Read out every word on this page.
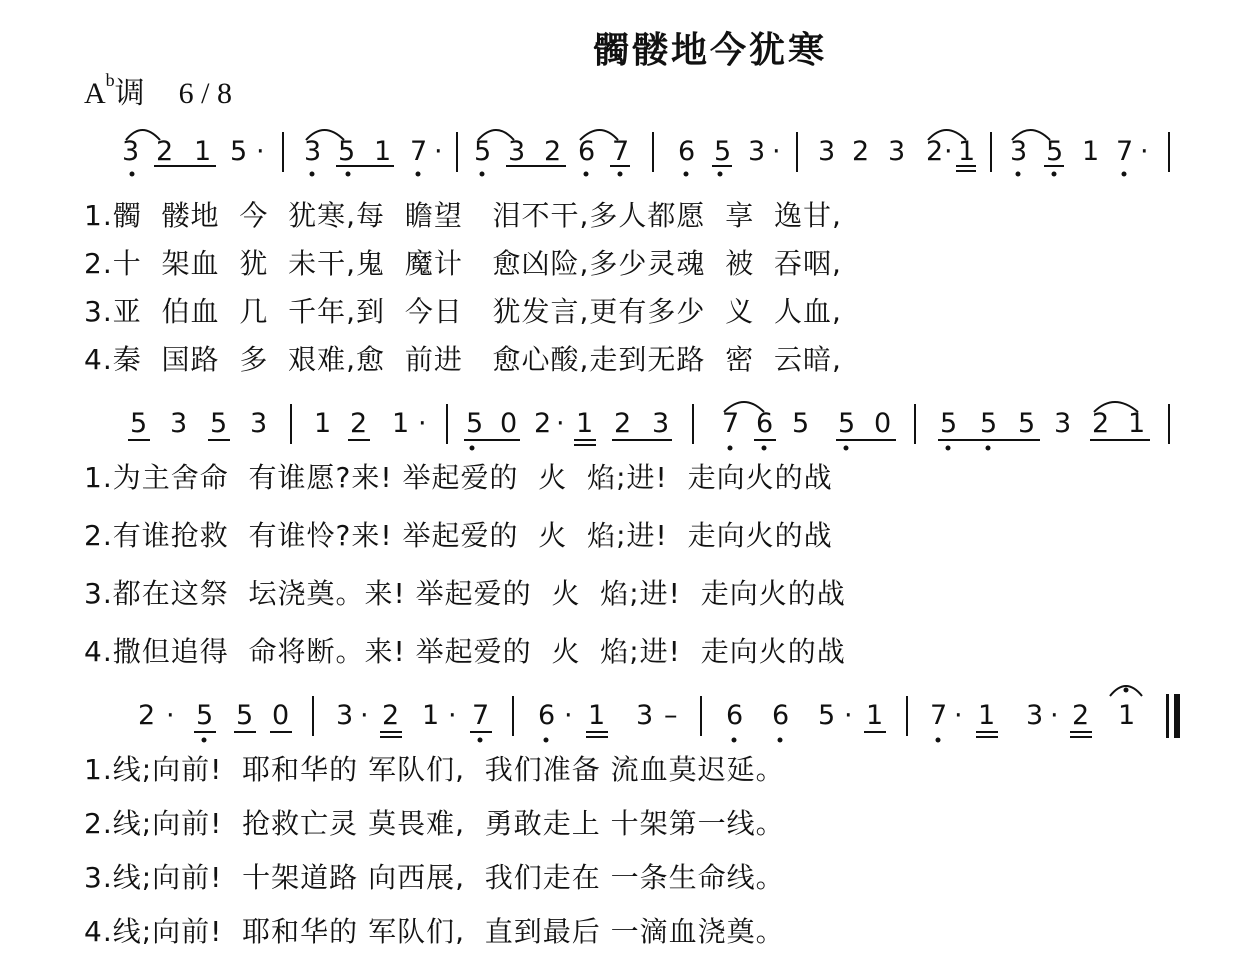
髑髅地今犹寒
$A^b$调 6 / 8
3 2 1 5 · 3 5 1 7 · 5 3 2 6 7 6 5 3 · 3 2 3 2 · 1 3 5 1 7 ·
1.髑  髅地  今  犹寒,每  瞻望   泪不干,多人都愿  享  逸甘,
2.十  架血  犹  未干,鬼  魔计   愈凶险,多少灵魂  被  吞咽,
3.亚  伯血  几  千年,到  今日   犹发言,更有多少  义  人血,
4.秦  国路  多  艰难,愈  前进   愈心酸,走到无路  密  云暗,
5 3 5 3 1 2 1 · 5 0 2 · 1 2 3 7 6 5 5 0 5 5 5 3 2 1
1.为主舍命  有谁愿?来! 举起爱的  火  焰;进!  走向火的战
2.有谁抢救  有谁怜?来! 举起爱的  火  焰;进!  走向火的战
3.都在这祭  坛浇奠。来! 举起爱的  火  焰;进!  走向火的战
4.撒但追得  命将断。来! 举起爱的  火  焰;进!  走向火的战
2 · 5 5 0 3 · 2 1 · 7 6 · 1 3 – 6 6 5 · 1 7 · 1 3 · 2 1
1.线;向前!  耶和华的 军队们,  我们准备 流血莫迟延。
2.线;向前!  抢救亡灵 莫畏难,  勇敢走上 十架第一线。
3.线;向前!  十架道路 向西展,  我们走在 一条生命线。
4.线;向前!  耶和华的 军队们,  直到最后 一滴血浇奠。
